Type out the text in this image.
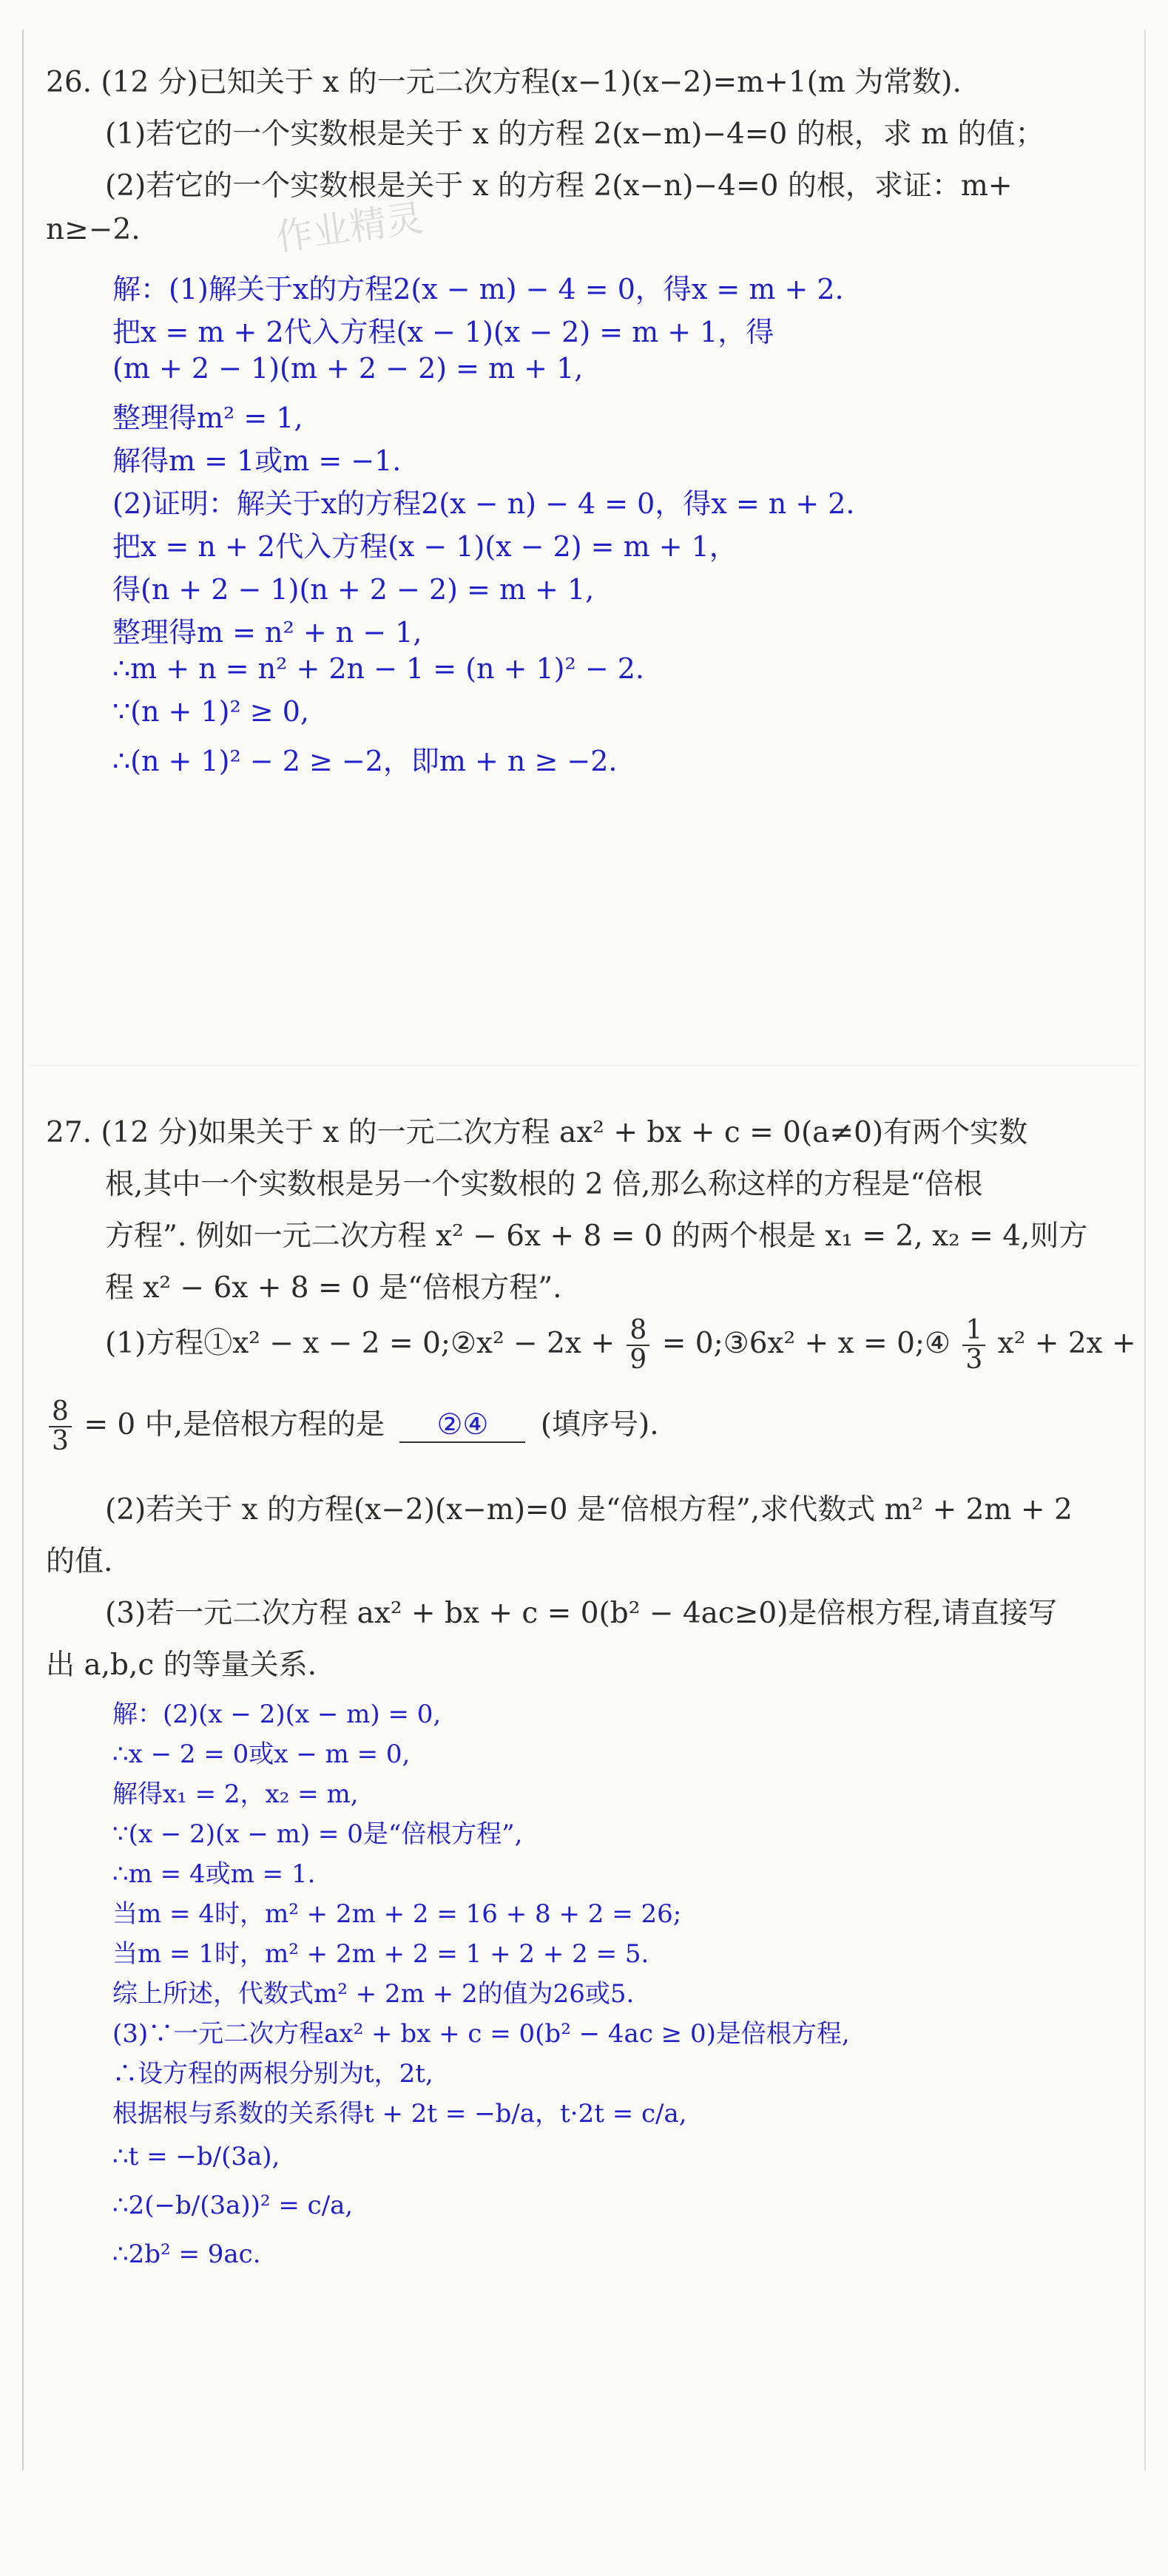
26. (12 分)已知关于 x 的一元二次方程(x−1)(x−2)=m+1(m 为常数).
(1)若它的一个实数根是关于 x 的方程 2(x−m)−4=0 的根，求 m 的值；
(2)若它的一个实数根是关于 x 的方程 2(x−n)−4=0 的根，求证：m+
n≥−2.	作业精灵
解：(1)解关于x的方程2(x − m) − 4 = 0，得x = m + 2.
把x = m + 2代入方程(x − 1)(x − 2) = m + 1，得
(m + 2 − 1)(m + 2 − 2) = m + 1,
整理得m² = 1,
解得m = 1或m = −1.
(2)证明：解关于x的方程2(x − n) − 4 = 0，得x = n + 2.
把x = n + 2代入方程(x − 1)(x − 2) = m + 1，
得(n + 2 − 1)(n + 2 − 2) = m + 1,
整理得m = n² + n − 1,
∴m + n = n² + 2n − 1 = (n + 1)² − 2.
∵(n + 1)² ≥ 0,
∴(n + 1)² − 2 ≥ −2，即m + n ≥ −2.
27. (12 分)如果关于 x 的一元二次方程 ax² + bx + c = 0(a≠0)有两个实数
根,其中一个实数根是另一个实数根的 2 倍,那么称这样的方程是“倍根
方程”. 例如一元二次方程 x² − 6x + 8 = 0 的两个根是 x₁ = 2, x₂ = 4,则方
程 x² − 6x + 8 = 0 是“倍根方程”.
(1)方程①x² − x − 2 = 0;②x² − $2x + \frac{8}{9}$ = 0;③6x² + x = 0;④ $\frac{1}{3} x^2 + 2x$ +
$\frac{8}{3} = 0$ 中,是倍根方程的是 ②④ (填序号).
(2)若关于 x 的方程(x−2)(x−m)=0 是“倍根方程”,求代数式 m² + 2m + 2
的值.
(3)若一元二次方程 ax² + bx + c = 0(b² − 4ac≥0)是倍根方程,请直接写
出 a,b,c 的等量关系.
解：(2)(x − 2)(x − m) = 0,
∴x − 2 = 0或x − m = 0,
解得x₁ = 2，x₂ = m,
∵(x − 2)(x − m) = 0是“倍根方程”,
∴m = 4或m = 1.
当m = 4时，m² + 2m + 2 = 16 + 8 + 2 = 26;
当m = 1时，m² + 2m + 2 = 1 + 2 + 2 = 5.
综上所述，代数式m² + 2m + 2的值为26或5.
(3)∵一元二次方程ax² + bx + c = 0(b² − 4ac ≥ 0)是倍根方程,
∴设方程的两根分别为t，2t,
根据根与系数的关系得t + 2t = −b/a，t·2t = c/a,
∴t = −b/(3a),
∴2(−b/(3a))² = c/a,
∴2b² = 9ac.
